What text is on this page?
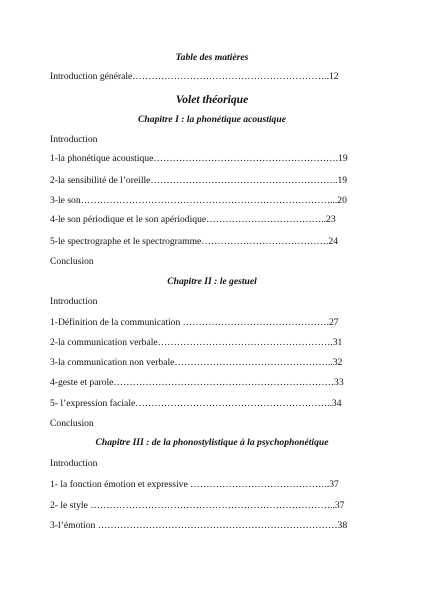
Table des matières
Introduction générale……………………………………………………..12
Volet théorique
Chapitre I : la phonétique acoustique
Introduction
1-la phonétique acoustique………………………………………………….19
2-la sensibilité de l’oreille…………………………………………………..19
3-le son……………………………………………………………………...20
4-le son périodique et le son apériodique………………………………..23
5-le spectrographe et le spectrogramme………………………………….24
Conclusion
Chapitre II : le gestuel
Introduction
1-Définition de la communication ……………………………………….27
2-la communication verbale……………………………………………….31
3-la communication non verbale…………………………………………..32
4-geste et parole……………………………………………………………33
5- l’expression faciale……………………………………………………..34
Conclusion
Chapitre III : de la phonostylistique à la psychophonétique
Introduction
1- la fonction émotion et expressive ……………………………………..37
2- le style …………………………………………………………………..37
3-l’émotion …………………………………………………………………38
